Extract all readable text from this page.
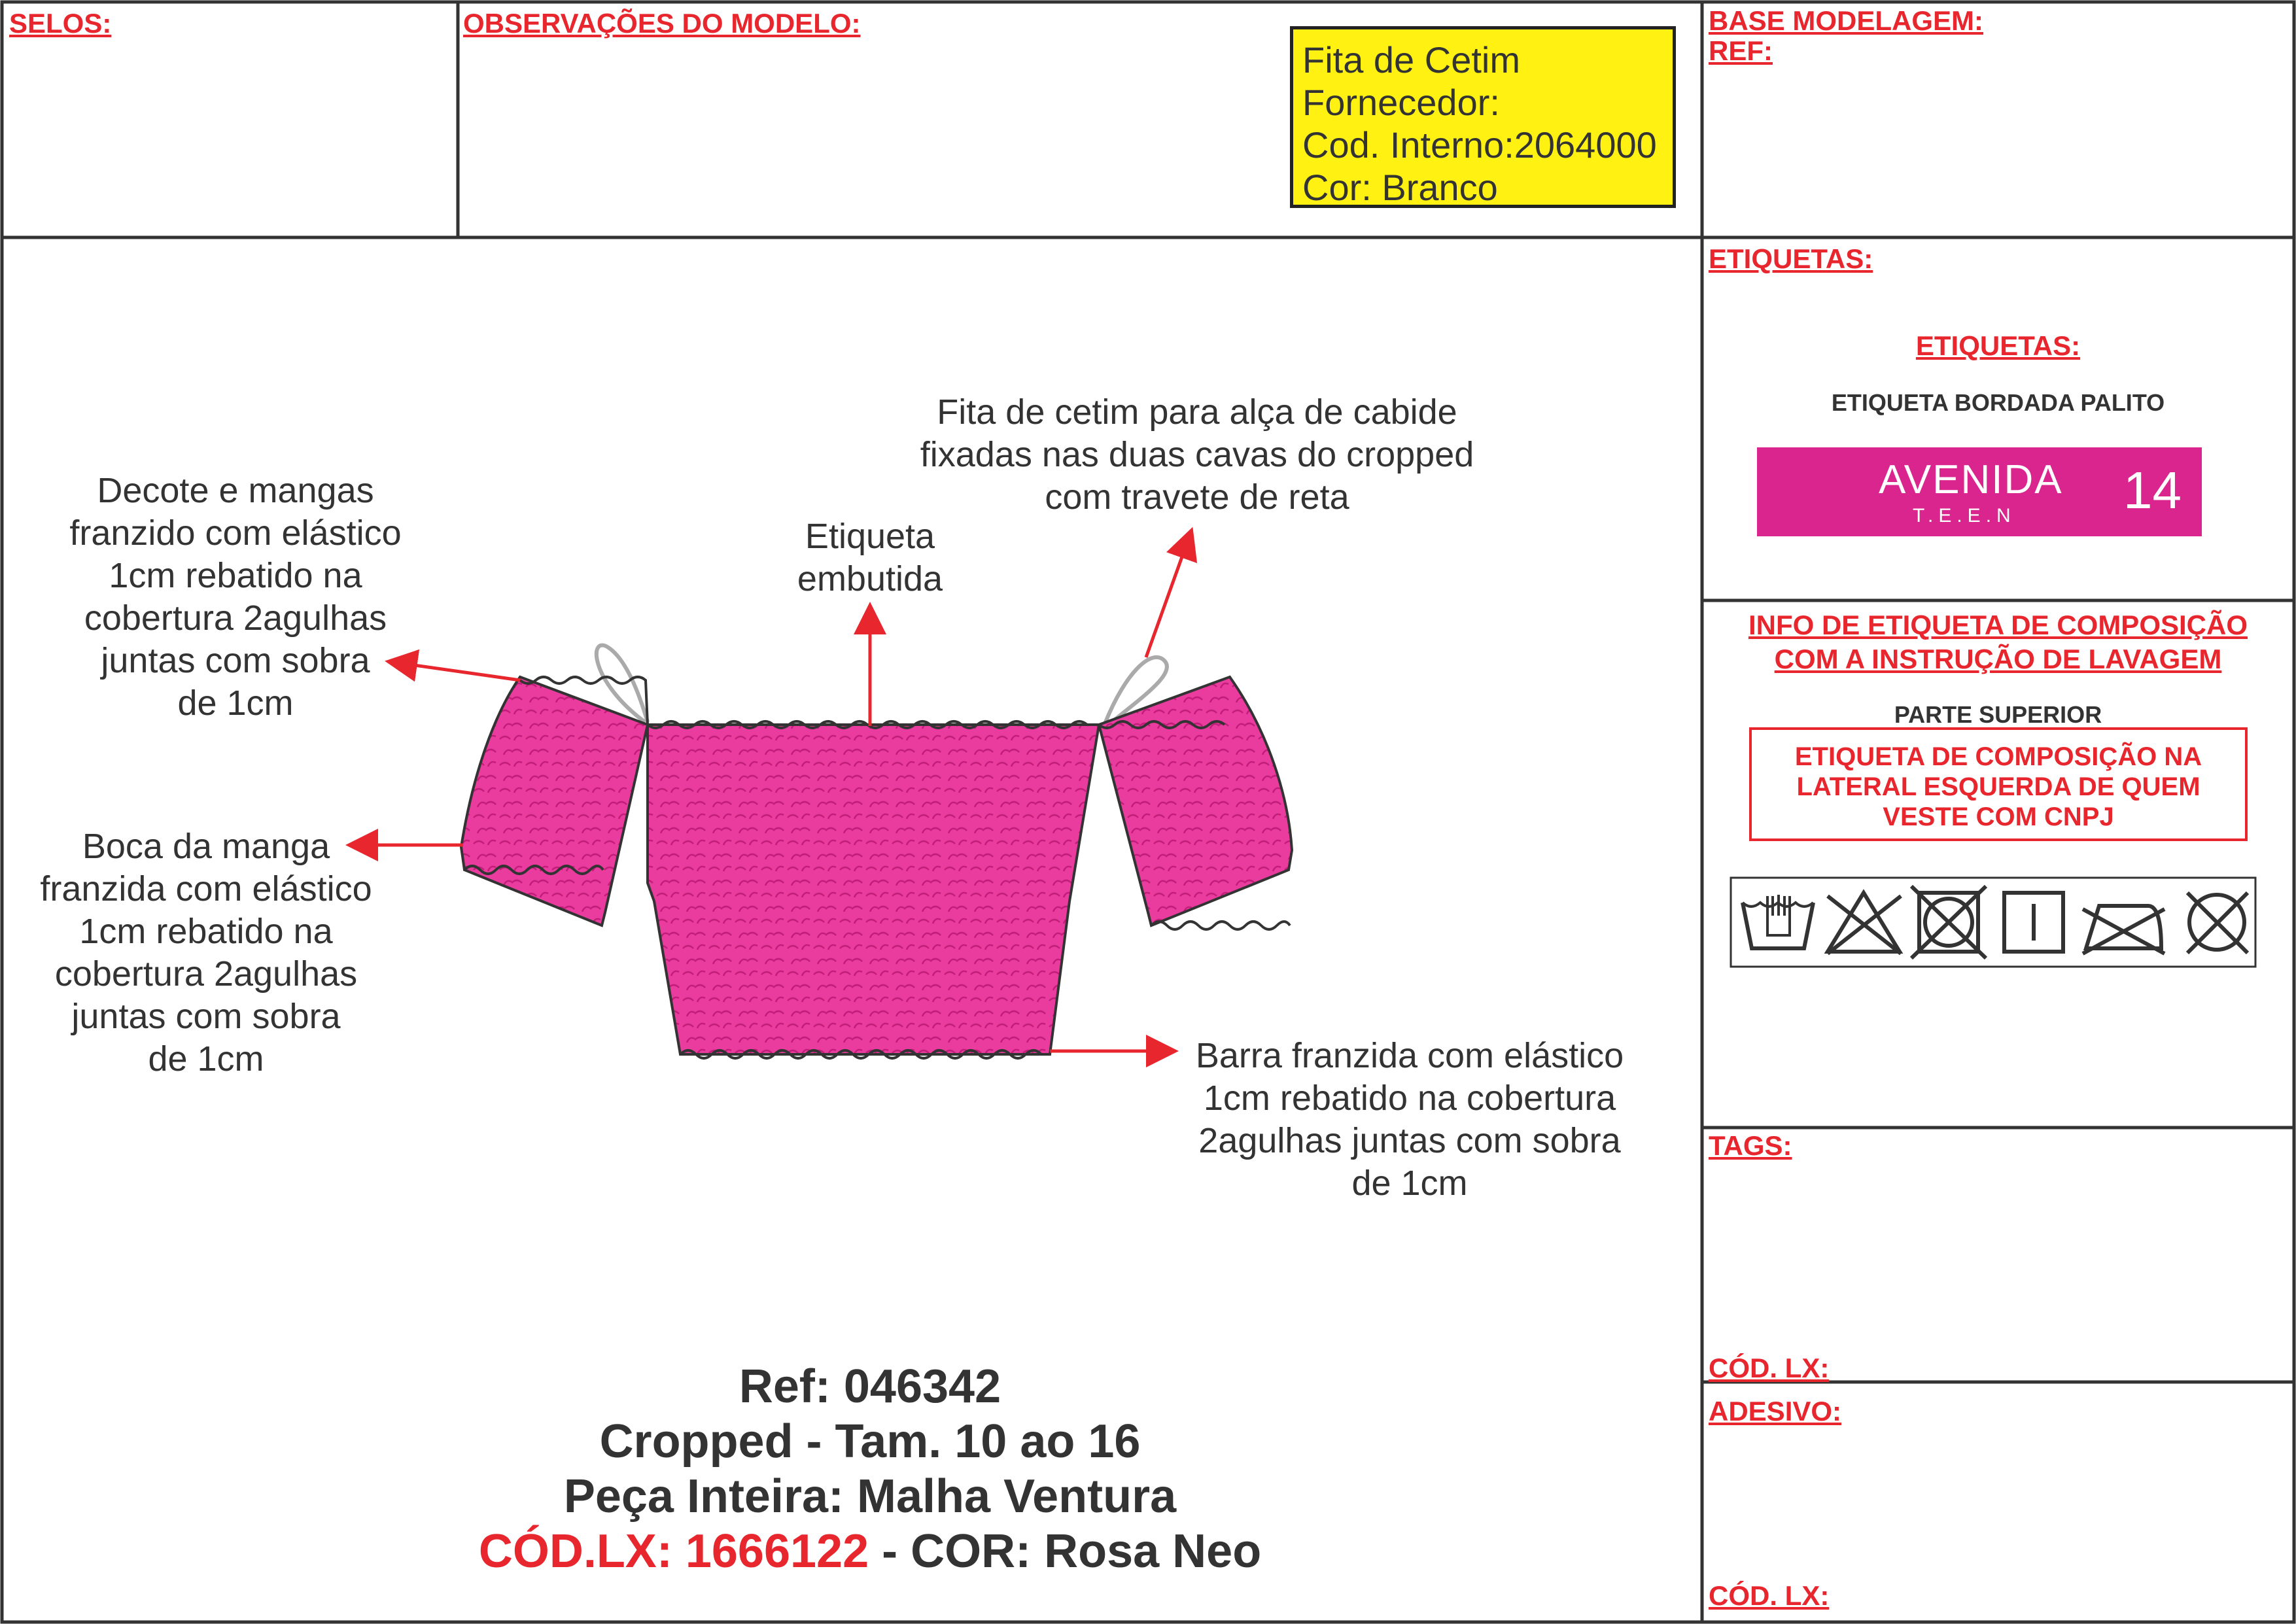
SELOS:	OBSERVAÇÕES DO MODELO:	BASE MODELAGEM:
REF:
Fita de Cetim
Fornecedor:
Cod. Interno:2064000
Cor: Branco
Decote e mangas
franzido com elástico
1cm rebatido na
cobertura 2agulhas
juntas com sobra
de 1cm
Etiqueta
embutida
Fita de cetim para alça de cabide
fixadas nas duas cavas do cropped
com travete de reta
Boca da manga
franzida com elástico
1cm rebatido na
cobertura 2agulhas
juntas com sobra
de 1cm	Barra franzida com elástico
1cm rebatido na cobertura
2agulhas juntas com sobra
de 1cm
Ref: 046342
Cropped - Tam. 10 ao 16
Peça Inteira: Malha Ventura
CÓD.LX: 1666122 - COR: Rosa Neo
ETIQUETAS:
ETIQUETAS:
ETIQUETA BORDADA PALITO
AVENIDA
T.E.E.N 14
INFO DE ETIQUETA DE COMPOSIÇÃO
COM A INSTRUÇÃO DE LAVAGEM
PARTE SUPERIOR
ETIQUETA DE COMPOSIÇÃO NA
LATERAL ESQUERDA DE QUEM
VESTE COM CNPJ
TAGS:
CÓD. LX:
ADESIVO:
CÓD. LX:
